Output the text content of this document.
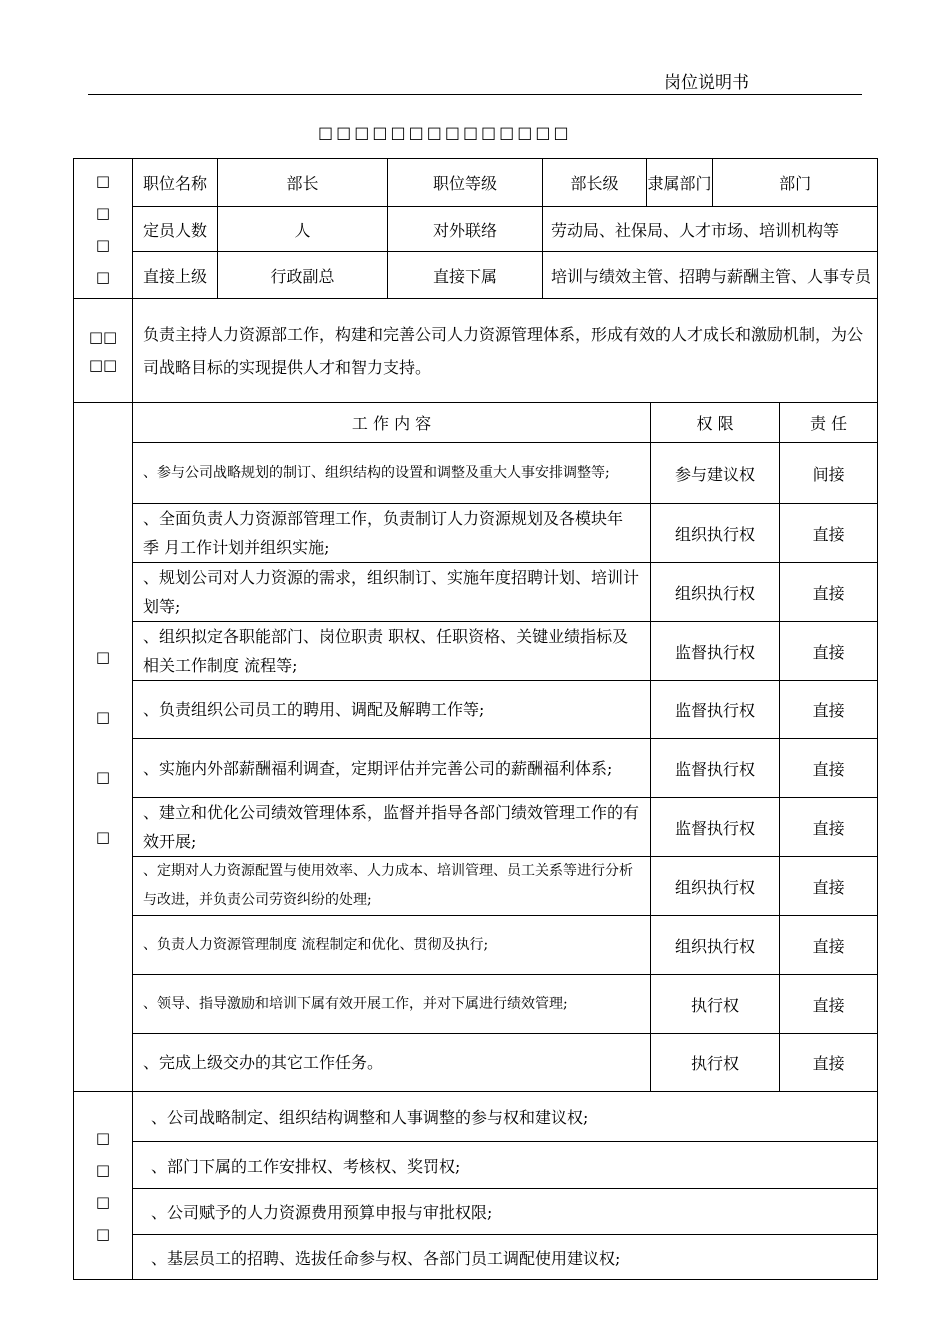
岗位说明书
□□□□□□□□□□□□□□
□
□
□
□	职位名称	部长	职位等级	部长级	隶属部门		部门	
	定员人数	人	对外联络	劳动局、社保局、人才市场、培训机构等				
	直接上级	行政副总	直接下属	培训与绩效主管、招聘与薪酬主管、人事专员				

□□
□□	负责主持人力资源部工作，构建和完善公司人力资源管理体系，形成有效的人才成长和激励机制，为公司战略目标的实现提供人才和智力支持。							

□
□
□
□	工 作 内 容					权 限		责 任
	、参与公司战略规划的制订、组织结构的设置和调整及重大人事安排调整等;					参与建议权		间接
	、全面负责人力资源部管理工作，负责制订人力资源规划及各模块年 季 月工作计划并组织实施;					组织执行权		直接
	、规划公司对人力资源的需求，组织制订、实施年度招聘计划、培训计划等;					组织执行权		直接
	、组织拟定各职能部门、岗位职责 职权、任职资格、关键业绩指标及相关工作制度 流程等;					监督执行权		直接
	、负责组织公司员工的聘用、调配及解聘工作等;					监督执行权		直接
	、实施内外部薪酬福利调查，定期评估并完善公司的薪酬福利体系;					监督执行权		直接
	、建立和优化公司绩效管理体系，监督并指导各部门绩效管理工作的有效开展;					监督执行权		直接
	、定期对人力资源配置与使用效率、人力成本、培训管理、员工关系等进行分析与改进，并负责公司劳资纠纷的处理;					组织执行权		直接
	、负责人力资源管理制度 流程制定和优化、贯彻及执行;					组织执行权		直接
	、领导、指导激励和培训下属有效开展工作，并对下属进行绩效管理;					执行权		直接
	、完成上级交办的其它工作任务。					执行权		直接

□
□
□
□	、公司战略制定、组织结构调整和人事调整的参与权和建议权;							
	、部门下属的工作安排权、考核权、奖罚权;							
	、公司赋予的人力资源费用预算申报与审批权限;							
	、基层员工的招聘、选拔任命参与权、各部门员工调配使用建议权;							
